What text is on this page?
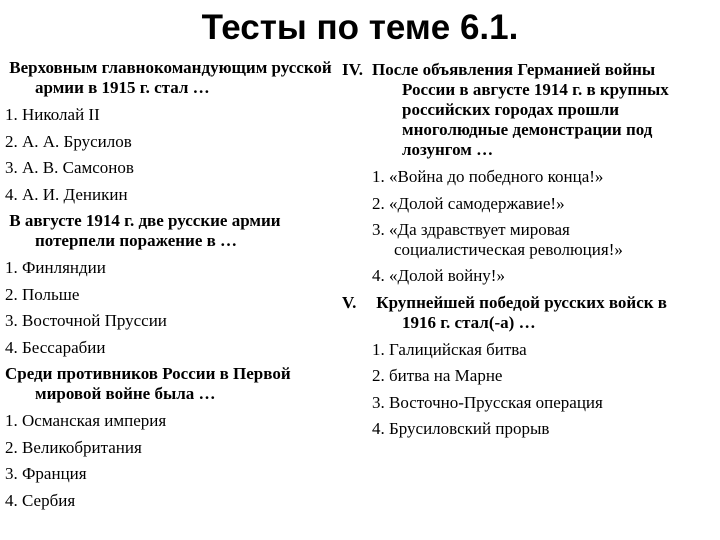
Тесты по теме 6.1.
Верховным главнокомандующим русской армии в 1915 г. стал …
1. Николай II
2. А. А. Брусилов
3. А. В. Самсонов
4. А. И. Деникин
В августе 1914 г. две русские армии потерпели поражение в …
1. Финляндии
2. Польше
3. Восточной Пруссии
4. Бессарабии
Среди противников России в Первой мировой войне была …
1. Османская империя
2. Великобритания
3. Франция
4. Сербия
IV. После объявления Германией войны России в августе 1914 г. в крупных российских городах прошли многолюдные демонстрации под лозунгом …
1. «Война до победного конца!»
2. «Долой самодержавие!»
3. «Да здравствует мировая социалистическая революция!»
4. «Долой войну!»
V. Крупнейшей победой русских войск в 1916 г. стал(-а) …
1. Галицийская битва
2. битва на Марне
3. Восточно-Прусская операция
4. Брусиловский прорыв
